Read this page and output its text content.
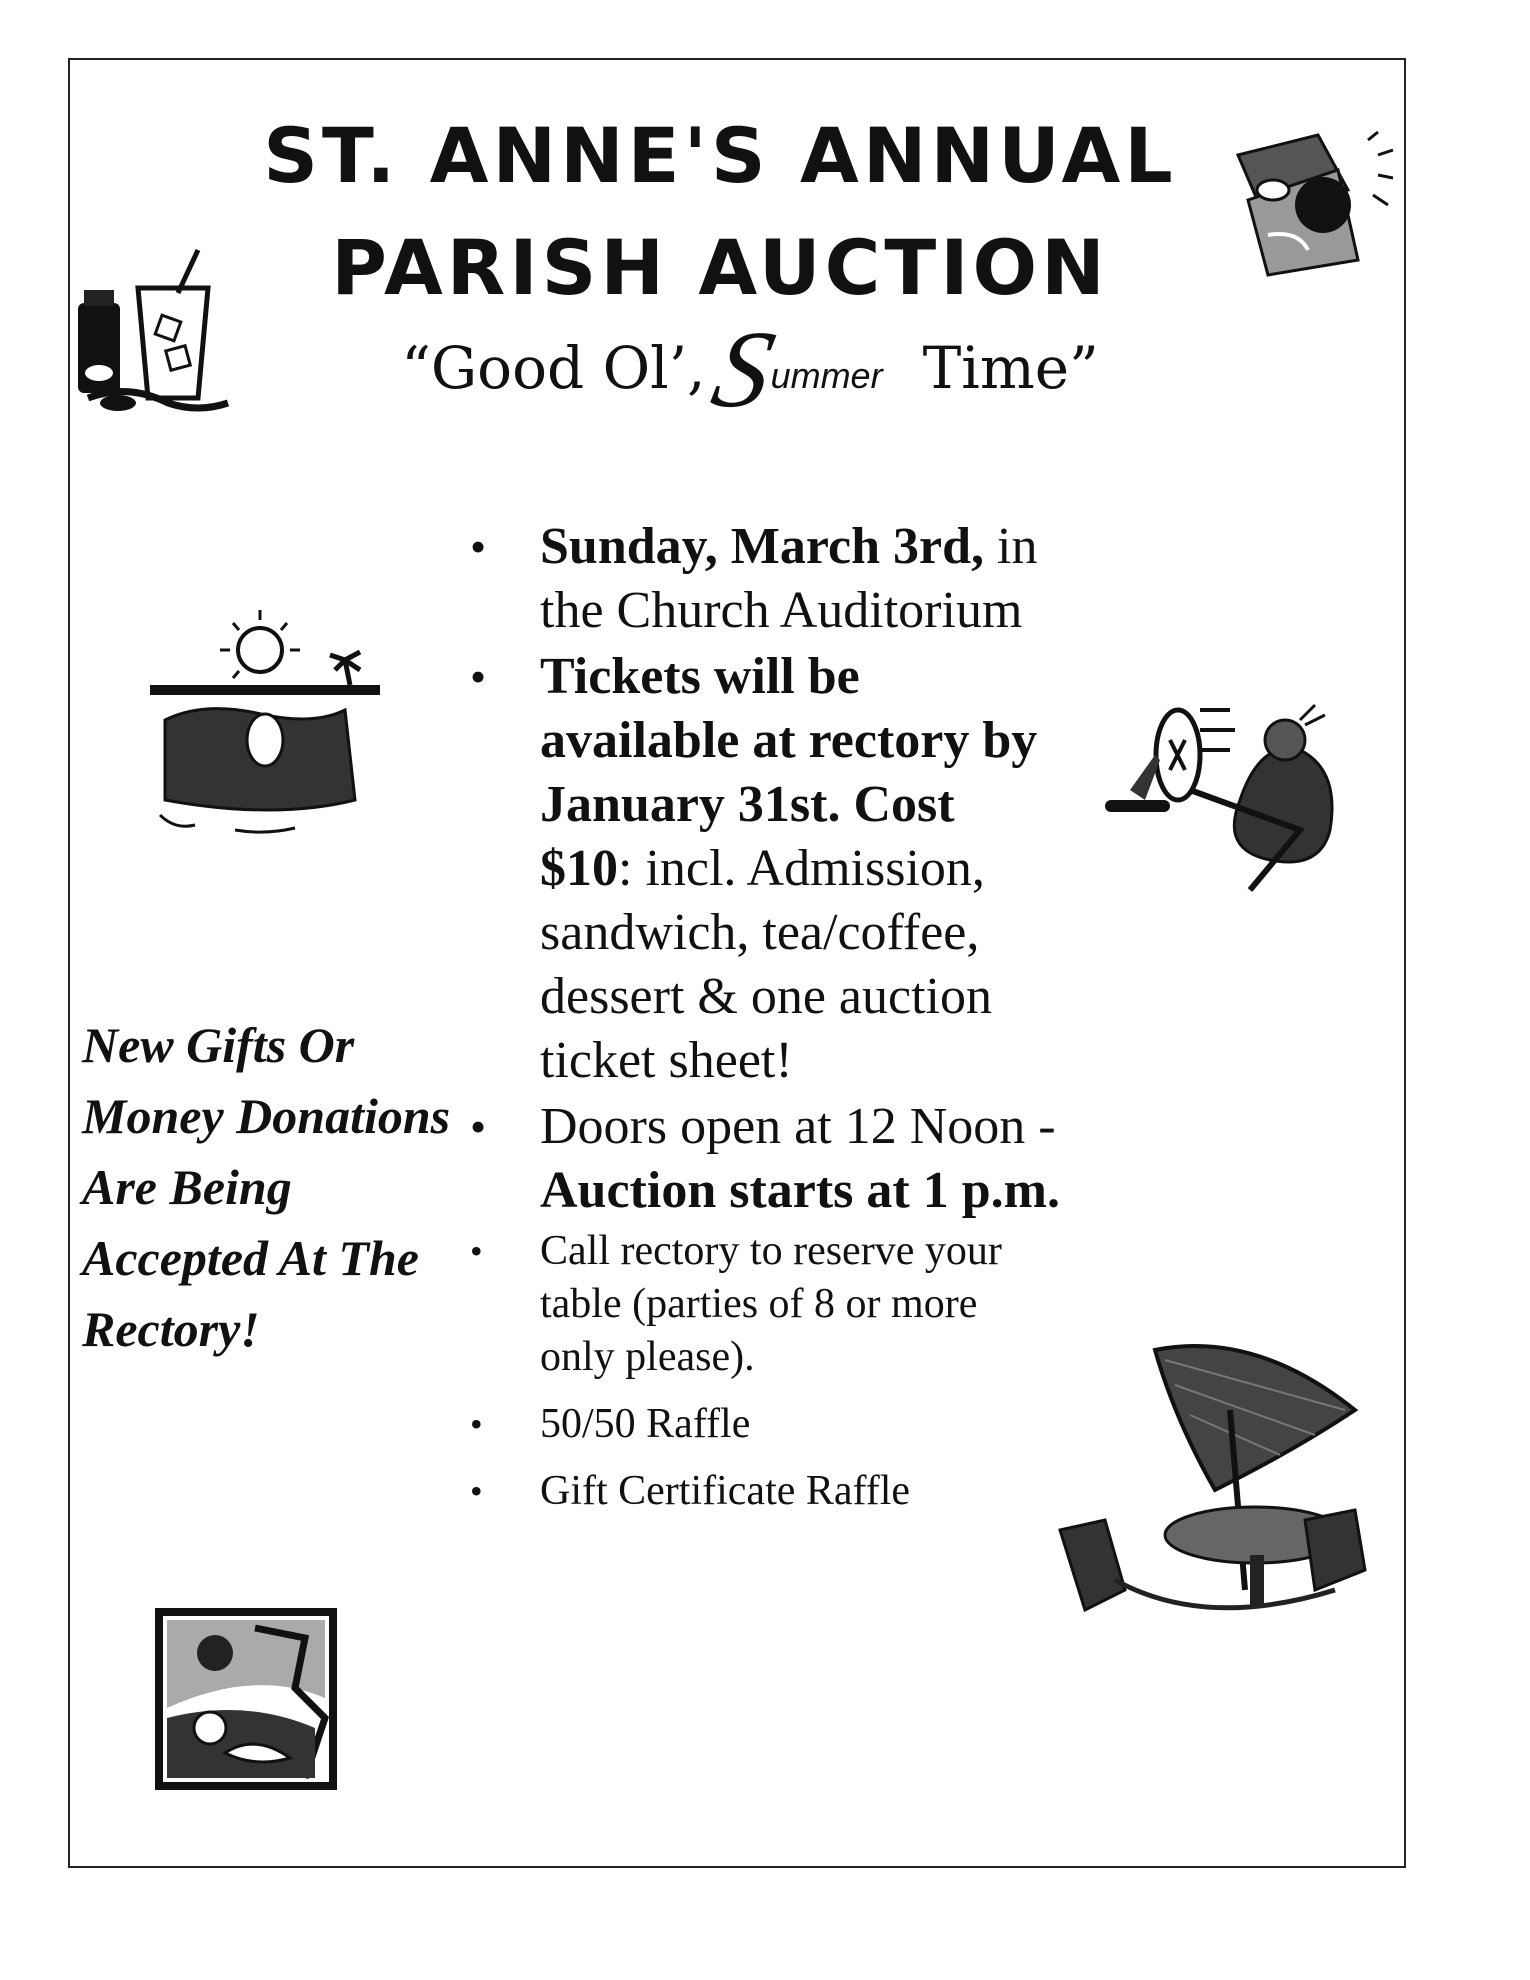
ST. ANNE'S ANNUAL
PARISH AUCTION
“Good Ol’,Summer Time”
• Sunday, March 3rd, in the Church Auditorium
• Tickets will be available at rectory by January 31st. Cost $10: incl. Admission, sandwich, tea/coffee, dessert & one auction ticket sheet!
• Doors open at 12 Noon - Auction starts at 1 p.m.
• Call rectory to reserve your table (parties of 8 or more only please).
• 50/50 Raffle
• Gift Certificate Raffle
New Gifts Or Money Donations Are Being Accepted At The Rectory!
